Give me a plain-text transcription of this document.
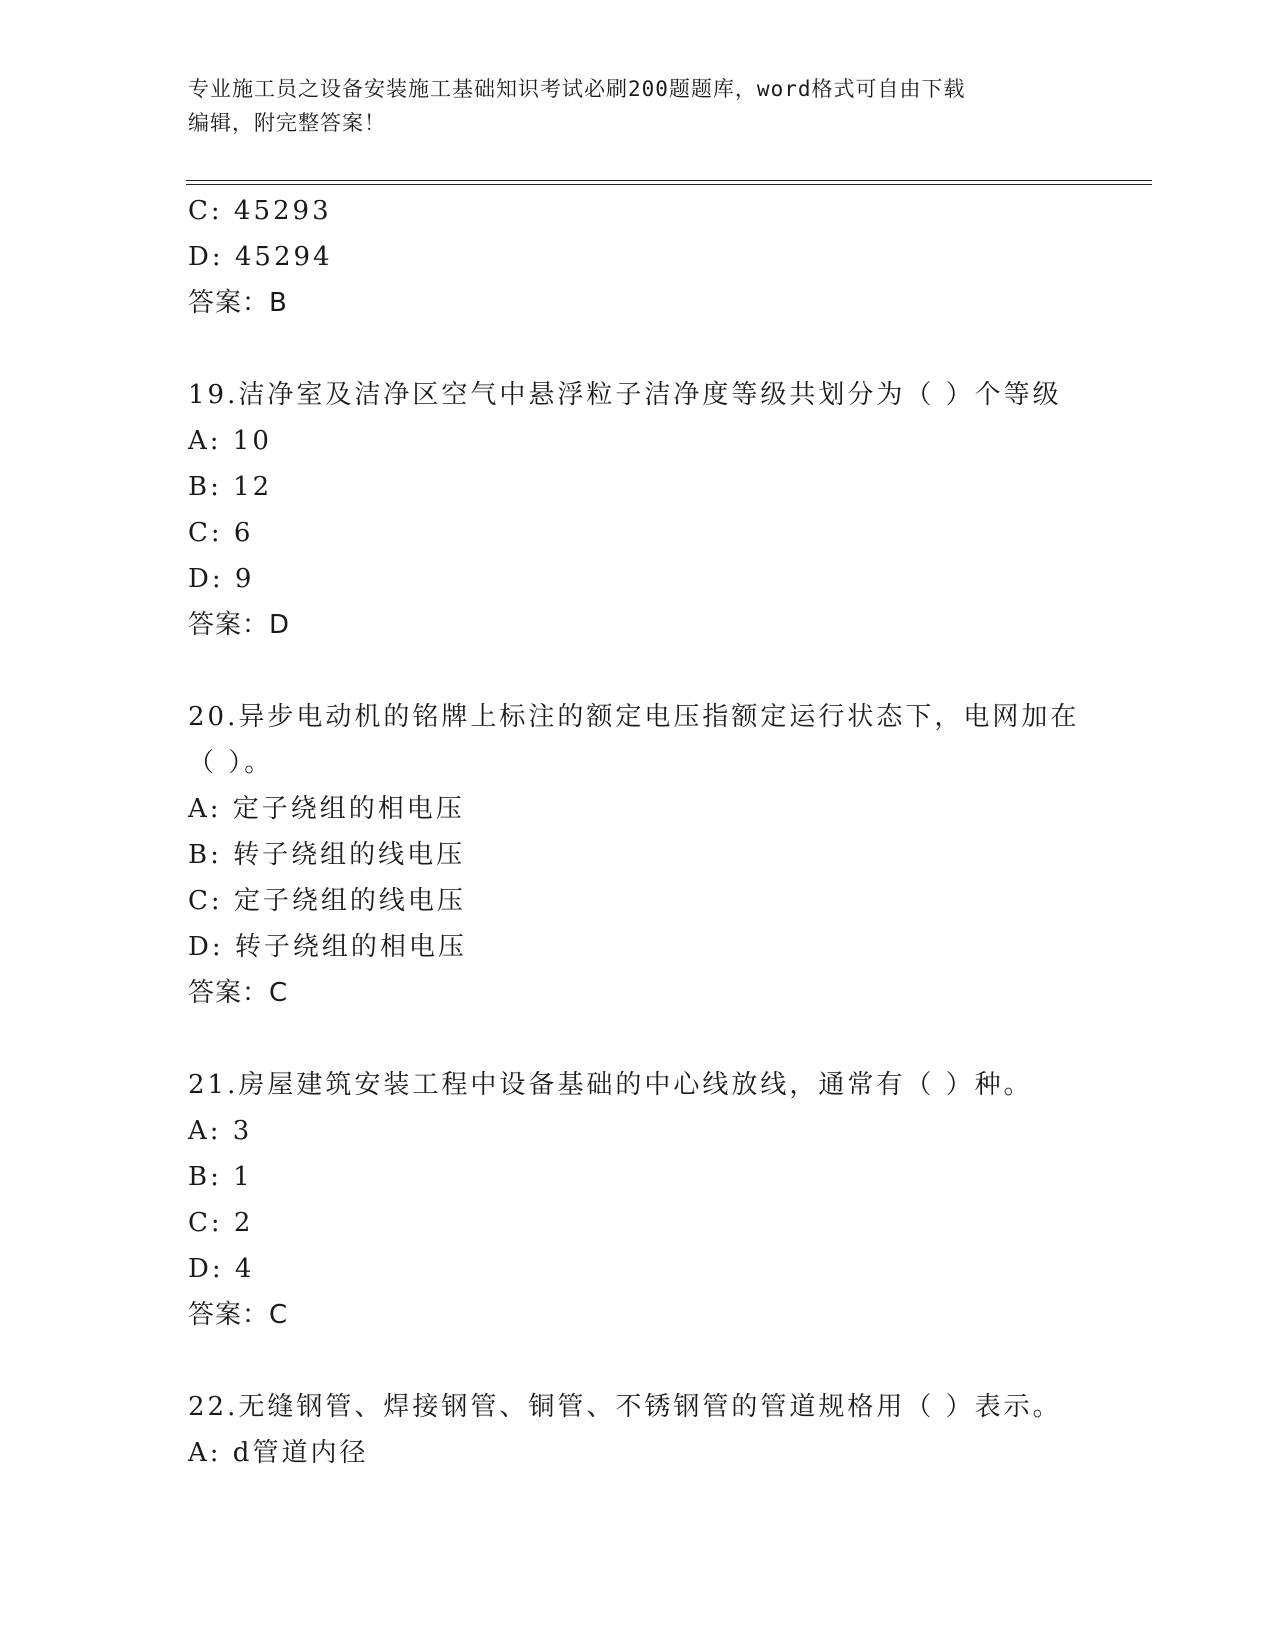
专业施工员之设备安装施工基础知识考试必刷200题题库，word格式可自由下载
编辑，附完整答案！
C: 45293
D: 45294
答案：B
19.洁净室及洁净区空气中悬浮粒子洁净度等级共划分为（ ）个等级
A: 10
B: 12
C: 6
D: 9
答案：D
20.异步电动机的铭牌上标注的额定电压指额定运行状态下，电网加在
（ ）。
A: 定子绕组的相电压
B: 转子绕组的线电压
C: 定子绕组的线电压
D: 转子绕组的相电压
答案：C
21.房屋建筑安装工程中设备基础的中心线放线，通常有（ ）种。
A: 3
B: 1
C: 2
D: 4
答案：C
22.无缝钢管、焊接钢管、铜管、不锈钢管的管道规格用（ ）表示。
A: d管道内径
